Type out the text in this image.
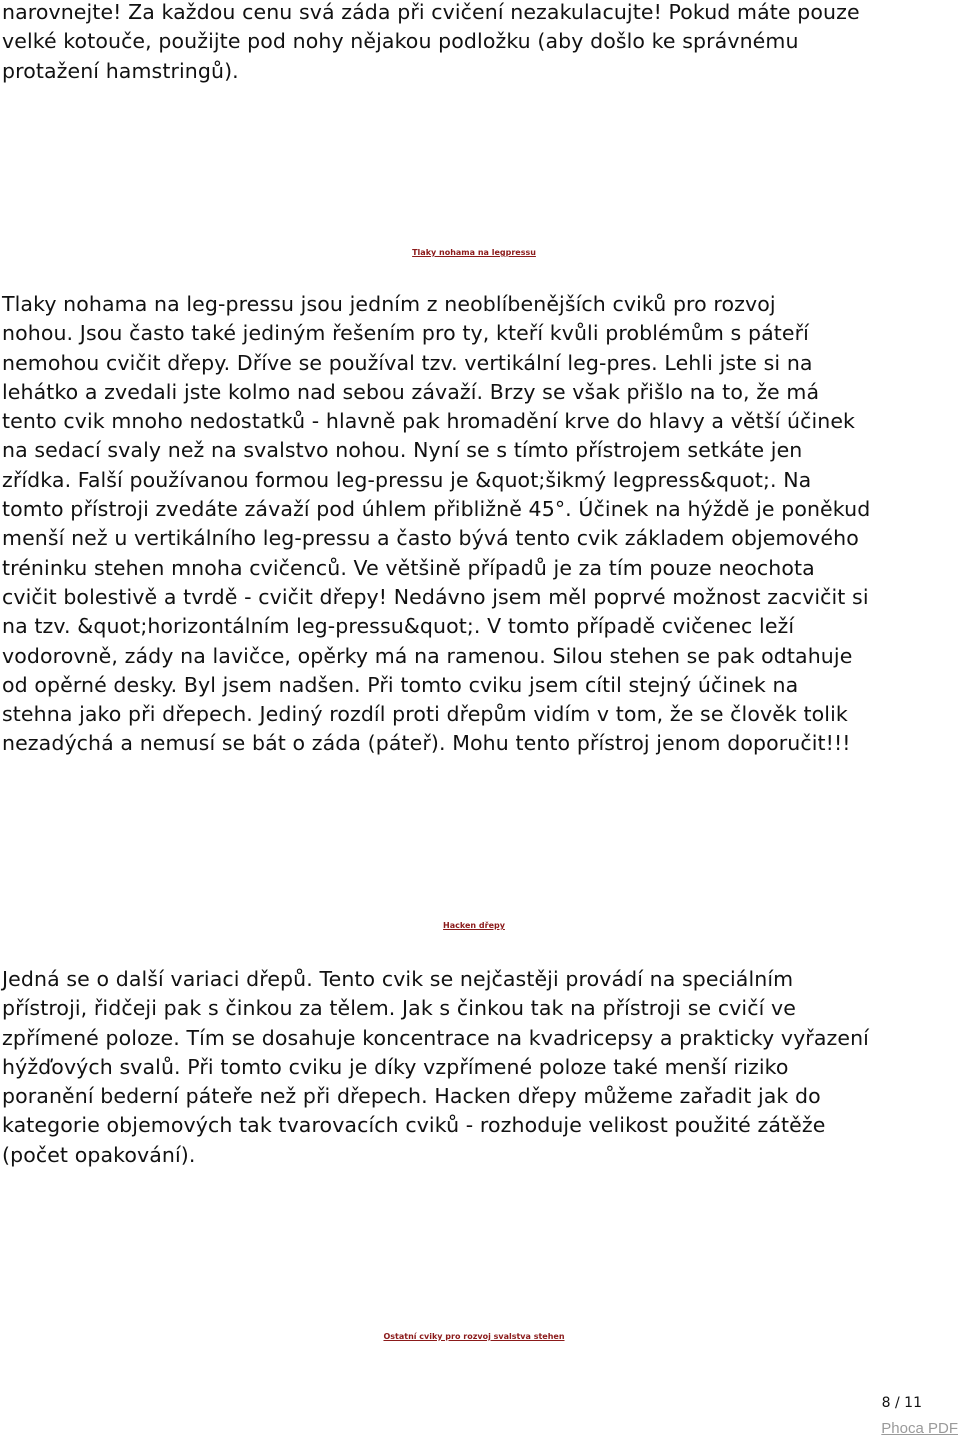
narovnejte! Za každou cenu svá záda při cvičení nezakulacujte! Pokud máte pouze
velké kotouče, použijte pod nohy nějakou podložku (aby došlo ke správnému
protažení hamstringů).

Tlaky nohama na legpressu

Tlaky nohama na leg-pressu jsou jedním z neoblíbenějších cviků pro rozvoj
nohou. Jsou často také jediným řešením pro ty, kteří kvůli problémům s páteří
nemohou cvičit dřepy. Dříve se používal tzv. vertikální leg-pres. Lehli jste si na
lehátko a zvedali jste kolmo nad sebou závaží. Brzy se však přišlo na to, že má
tento cvik mnoho nedostatků - hlavně pak hromadění krve do hlavy a větší účinek
na sedací svaly než na svalstvo nohou. Nyní se s tímto přístrojem setkáte jen
zřídka. Falší používanou formou leg-pressu je &quot;šikmý legpress&quot;. Na
tomto přístroji zvedáte závaží pod úhlem přibližně 45°. Účinek na hýždě je poněkud
menší než u vertikálního leg-pressu a často bývá tento cvik základem objemového
tréninku stehen mnoha cvičenců. Ve většině případů je za tím pouze neochota
cvičit bolestivě a tvrdě - cvičit dřepy! Nedávno jsem měl poprvé možnost zacvičit si
na tzv. &quot;horizontálním leg-pressu&quot;. V tomto případě cvičenec leží
vodorovně, zády na lavičce, opěrky má na ramenou. Silou stehen se pak odtahuje
od opěrné desky. Byl jsem nadšen. Při tomto cviku jsem cítil stejný účinek na
stehna jako při dřepech. Jediný rozdíl proti dřepům vidím v tom, že se člověk tolik
nezadýchá a nemusí se bát o záda (páteř). Mohu tento přístroj jenom doporučit!!!

Hacken dřepy

Jedná se o další variaci dřepů. Tento cvik se nejčastěji provádí na speciálním
přístroji, řidčeji pak s činkou za tělem. Jak s činkou tak na přístroji se cvičí ve
zpřímené poloze. Tím se dosahuje koncentrace na kvadricepsy a prakticky vyřazení
hýžďových svalů. Při tomto cviku je díky vzpřímené poloze také menší riziko
poranění bederní páteře než při dřepech. Hacken dřepy můžeme zařadit jak do
kategorie objemových tak tvarovacích cviků - rozhoduje velikost použité zátěže
(počet opakování).

Ostatní cviky pro rozvoj svalstva stehen
8 / 11
Phoca PDF
